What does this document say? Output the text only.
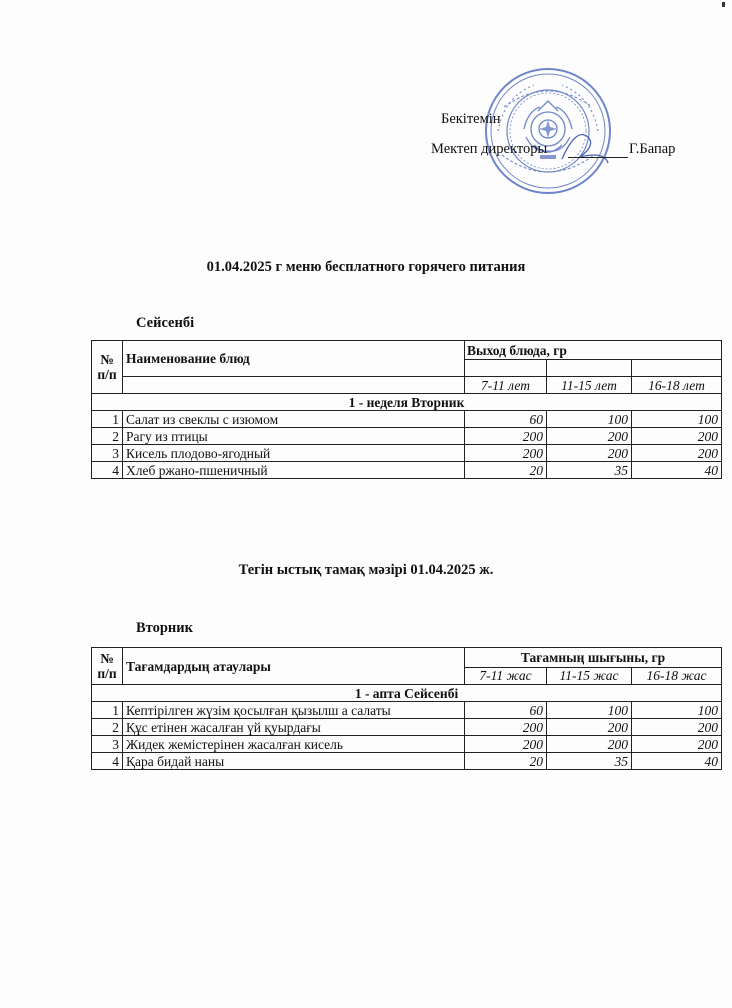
Бекітемін
Мектеп директоры	Г.Бапар
01.04.2025 г меню бесплатного горячего питания
Сейсенбі
№
п/п	Наименование блюд	Выход блюда, гр		

		7-11 лет	11-15 лет	16-18 лет
1 - неделя Вторник				
1	Салат из свеклы с изюмом	60	100	100
2	Рагу из птицы	200	200	200
3	Кисель плодово-ягодный	200	200	200
4	Хлеб ржано-пшеничный	20	35	40
Тегін ыстық тамақ мәзірі 01.04.2025 ж.
Вторник
№
п/п	Тағамдардың атаулары	Тағамның шығыны, гр		
		7-11 жас	11-15 жас	16-18 жас
1 - апта Сейсенбі				
1	Кептірілген жүзім қосылған қызылш а салаты	60	100	100
2	Құс етінен жасалған үй қуырдағы	200	200	200
3	Жидек жемістерінен жасалған кисель	200	200	200
4	Қара бидай наны	20	35	40
